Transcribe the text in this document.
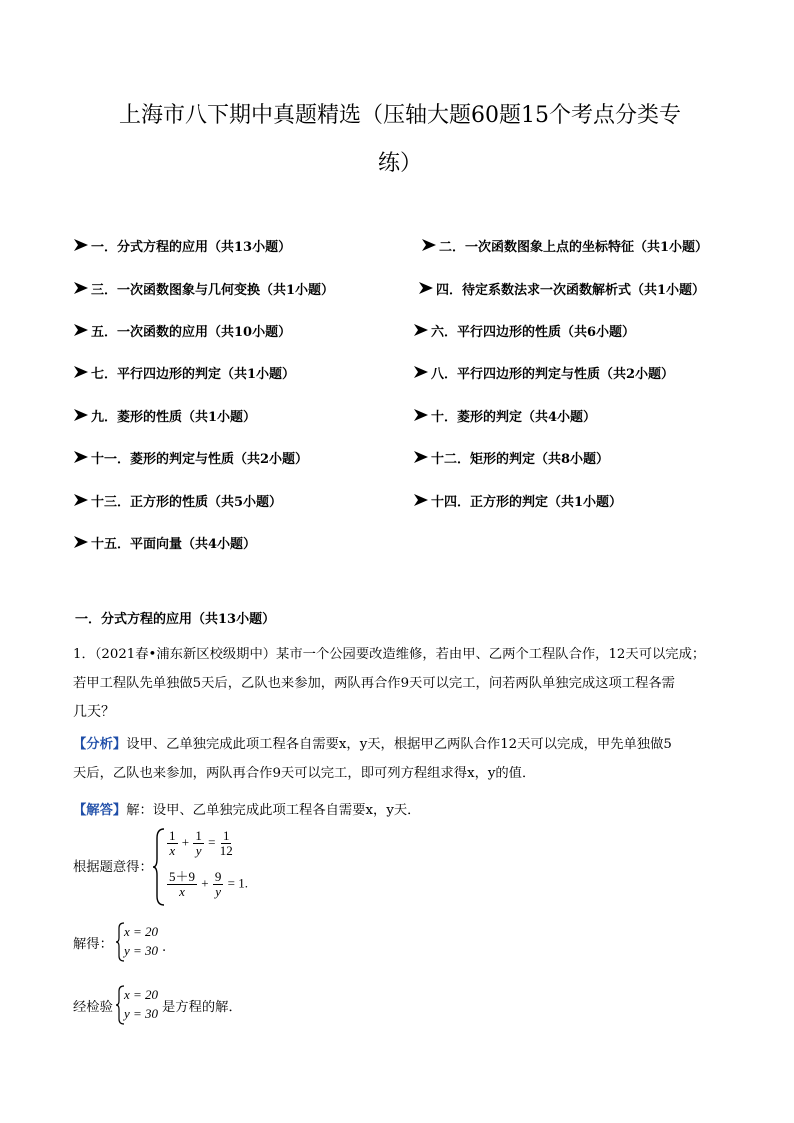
上海市八下期中真题精选（压轴大题60题15个考点分类专
练）
一．分式方程的应用（共13小题）	二．一次函数图象上点的坐标特征（共1小题）
三．一次函数图象与几何变换（共1小题）	四．待定系数法求一次函数解析式（共1小题）
五．一次函数的应用（共10小题）	六．平行四边形的性质（共6小题）
七．平行四边形的判定（共1小题）	八．平行四边形的判定与性质（共2小题）
九．菱形的性质（共1小题）	十．菱形的判定（共4小题）
十一．菱形的判定与性质（共2小题）	十二．矩形的判定（共8小题）
十三．正方形的性质（共5小题）	十四．正方形的判定（共1小题）
十五．平面向量（共4小题）
一．分式方程的应用（共13小题）
1．（2021春•浦东新区校级期中）某市一个公园要改造维修，若由甲、乙两个工程队合作，12天可以完成；
若甲工程队先单独做5天后，乙队也来参加，两队再合作9天可以完工，问若两队单独完成这项工程各需
几天？
【分析】设甲、乙单独完成此项工程各自需要x，y天，根据甲乙两队合作12天可以完成，甲先单独做5
天后，乙队也来参加，两队再合作9天可以完工，即可列方程组求得x，y的值．
【解答】解：设甲、乙单独完成此项工程各自需要x，y天．
根据题意得：
$\frac{1}{x} + \frac{1}{y} = \frac{1}{12}$
$\frac{5+9}{x} + \frac{9}{y} = 1$.
解得：
x = 20
y = 30 .
经检验
x = 20
y = 30 是方程的解．
